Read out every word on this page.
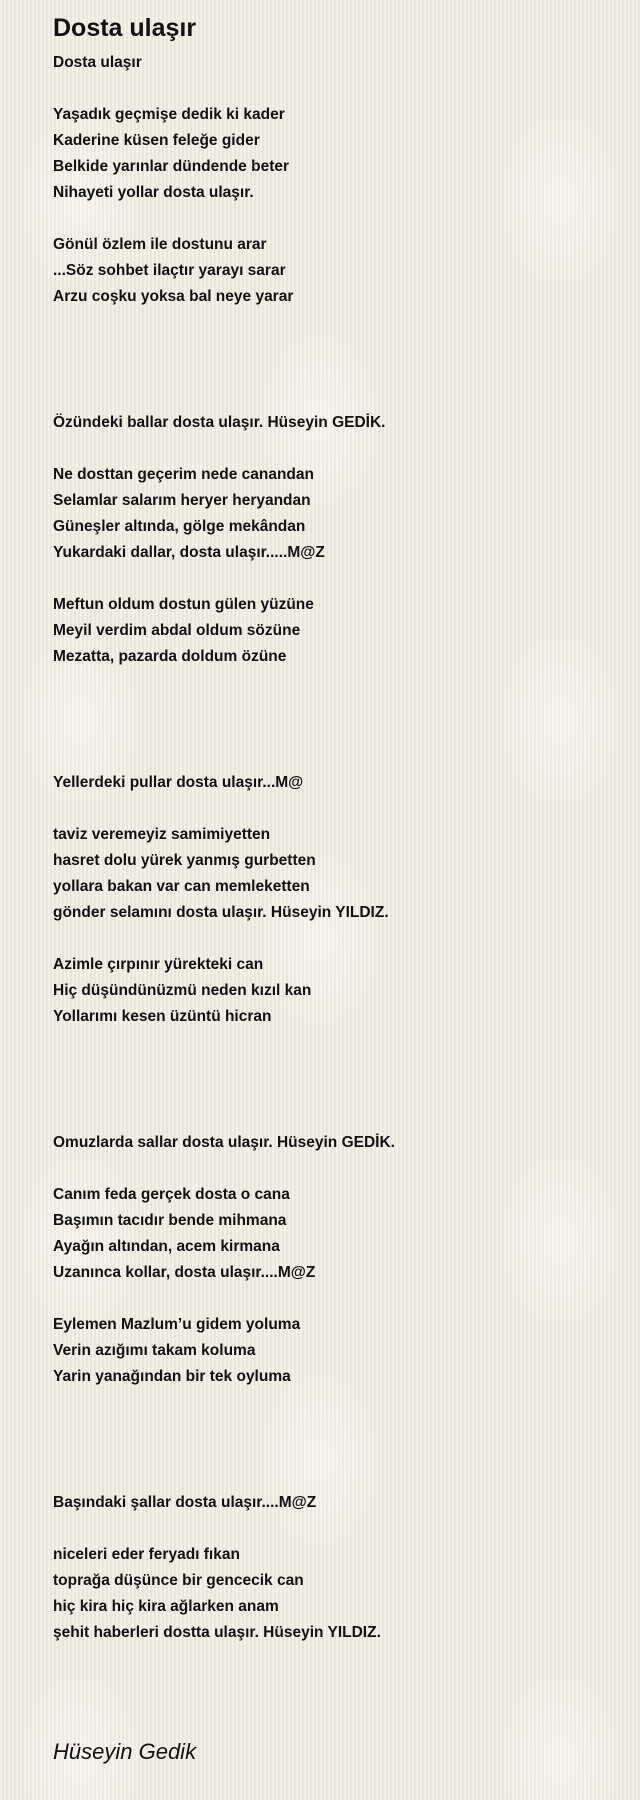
Dosta ulaşır
Dosta ulaşır
Yaşadık geçmişe dedik ki kader
Kaderine küsen feleğe gider
Belkide yarınlar dündende beter
Nihayeti yollar dosta ulaşır.
Gönül özlem ile dostunu arar
...Söz sohbet ilaçtır yarayı sarar
Arzu coşku yoksa bal neye yarar
Özündeki ballar dosta ulaşır. Hüseyin GEDİK.
Ne dosttan geçerim nede canandan
Selamlar salarım heryer heryandan
Güneşler altında, gölge mekândan
Yukardaki dallar, dosta ulaşır.....M@Z
Meftun oldum dostun gülen yüzüne
Meyil verdim abdal oldum sözüne
Mezatta, pazarda doldum özüne
Yellerdeki pullar dosta ulaşır...M@
taviz veremeyiz samimiyetten
hasret dolu yürek yanmış gurbetten
yollara bakan var can memleketten
gönder selamını dosta ulaşır. Hüseyin YILDIZ.
Azimle çırpınır yürekteki can
Hiç düşündünüzmü neden kızıl kan
Yollarımı kesen üzüntü hicran
Omuzlarda sallar dosta ulaşır. Hüseyin GEDİK.
Canım feda gerçek dosta o cana
Başımın tacıdır bende mihmana
Ayağın altından, acem kirmana
Uzanınca kollar, dosta ulaşır....M@Z
Eylemen Mazlum’u gidem yoluma
Verin azığımı takam koluma
Yarin yanağından bir tek oyluma
Başındaki şallar dosta ulaşır....M@Z
niceleri eder feryadı fıkan
toprağa düşünce bir gencecik can
hiç kira hiç kira ağlarken anam
şehit haberleri dostta ulaşır. Hüseyin YILDIZ.
Hüseyin Gedik
